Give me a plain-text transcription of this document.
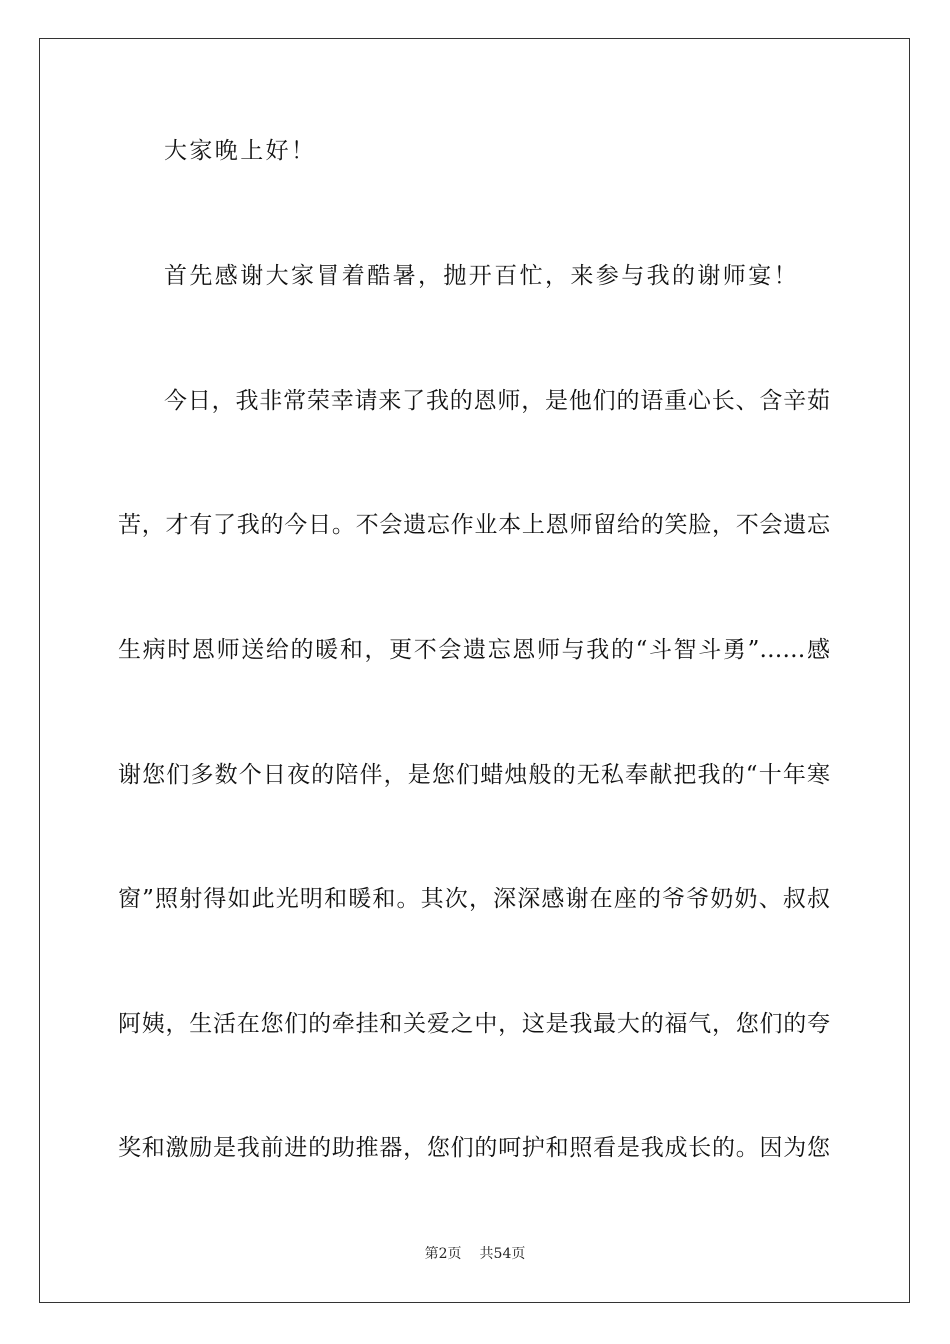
大家晚上好！
首先感谢大家冒着酷暑，抛开百忙，来参与我的谢师宴！
今日，我非常荣幸请来了我的恩师，是他们的语重心长、含辛茹
苦，才有了我的今日。不会遗忘作业本上恩师留给的笑脸，不会遗忘
生病时恩师送给的暖和，更不会遗忘恩师与我的“斗智斗勇”……感
谢您们多数个日夜的陪伴，是您们蜡烛般的无私奉献把我的“十年寒
窗”照射得如此光明和暖和。其次，深深感谢在座的爷爷奶奶、叔叔
阿姨，生活在您们的牵挂和关爱之中，这是我最大的福气，您们的夸
奖和激励是我前进的助推器，您们的呵护和照看是我成长的。因为您
第2页 共54页
